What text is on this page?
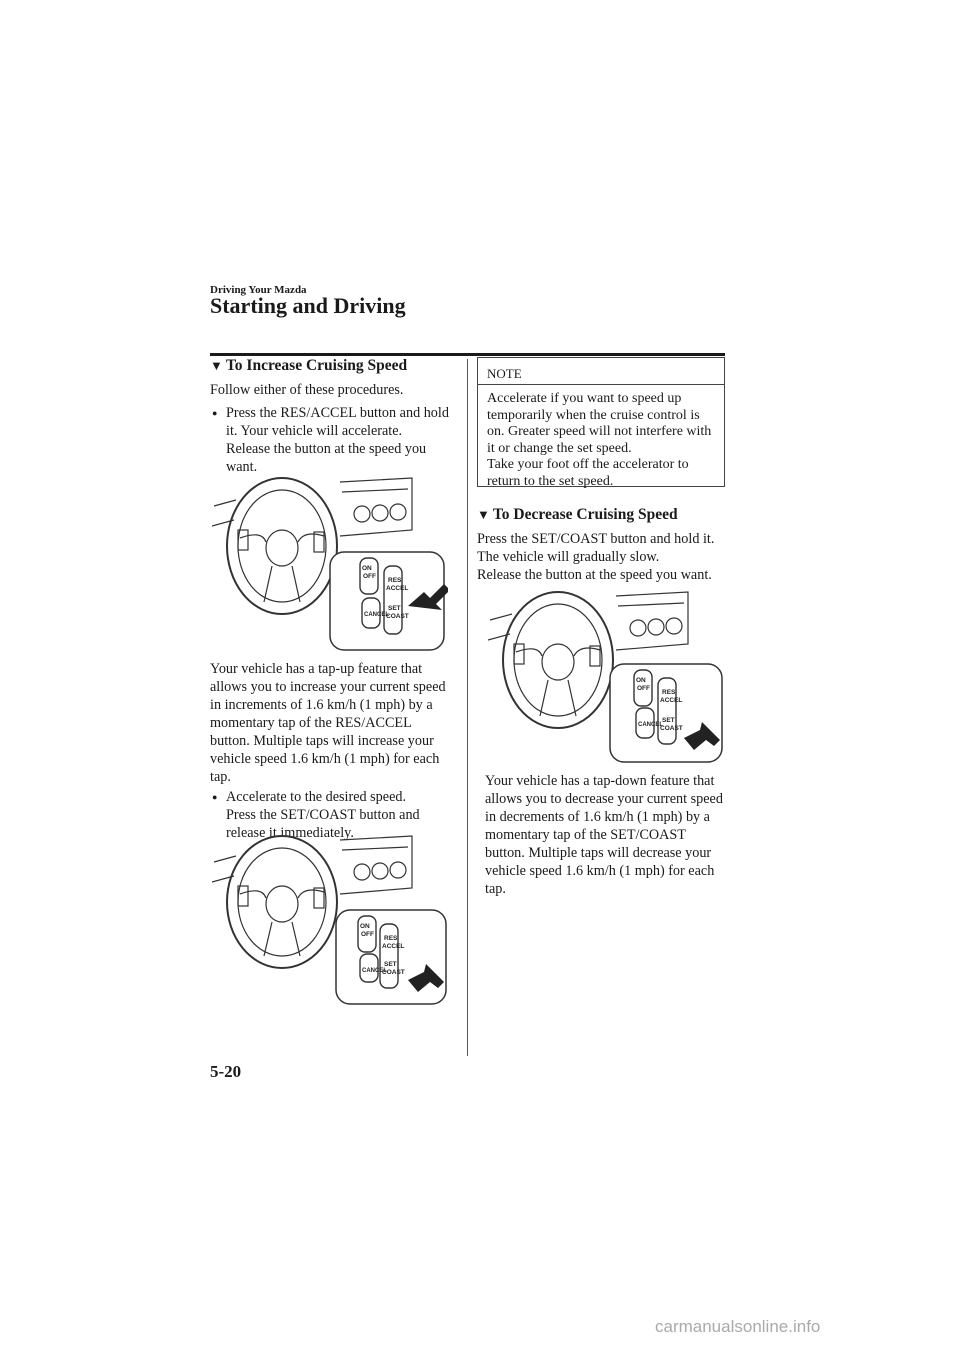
Driving Your Mazda
Starting and Driving
▼ To Increase Cruising Speed
Follow either of these procedures.
● Press the RES/ACCEL button and hold
it. Your vehicle will accelerate.
Release the button at the speed you
want.
ON
OFF
RES
ACCEL
SET
COAST
CANCEL
Your vehicle has a tap-up feature that
allows you to increase your current speed
in increments of 1.6 km/h (1 mph) by a
momentary tap of the RES/ACCEL
button. Multiple taps will increase your
vehicle speed 1.6 km/h (1 mph) for each
tap.
● Accelerate to the desired speed.
Press the SET/COAST button and
release it immediately.
ON
OFF
RES
ACCEL
SET
COAST
CANCEL
NOTE
Accelerate if you want to speed up
temporarily when the cruise control is
on. Greater speed will not interfere with
it or change the set speed.
Take your foot off the accelerator to
return to the set speed.
▼ To Decrease Cruising Speed
Press the SET/COAST button and hold it.
The vehicle will gradually slow.
Release the button at the speed you want.
ON
OFF
RES
ACCEL
SET
COAST
CANCEL
Your vehicle has a tap-down feature that
allows you to decrease your current speed
in decrements of 1.6 km/h (1 mph) by a
momentary tap of the SET/COAST
button. Multiple taps will decrease your
vehicle speed 1.6 km/h (1 mph) for each
tap.
5-20
carmanualsonline.info
